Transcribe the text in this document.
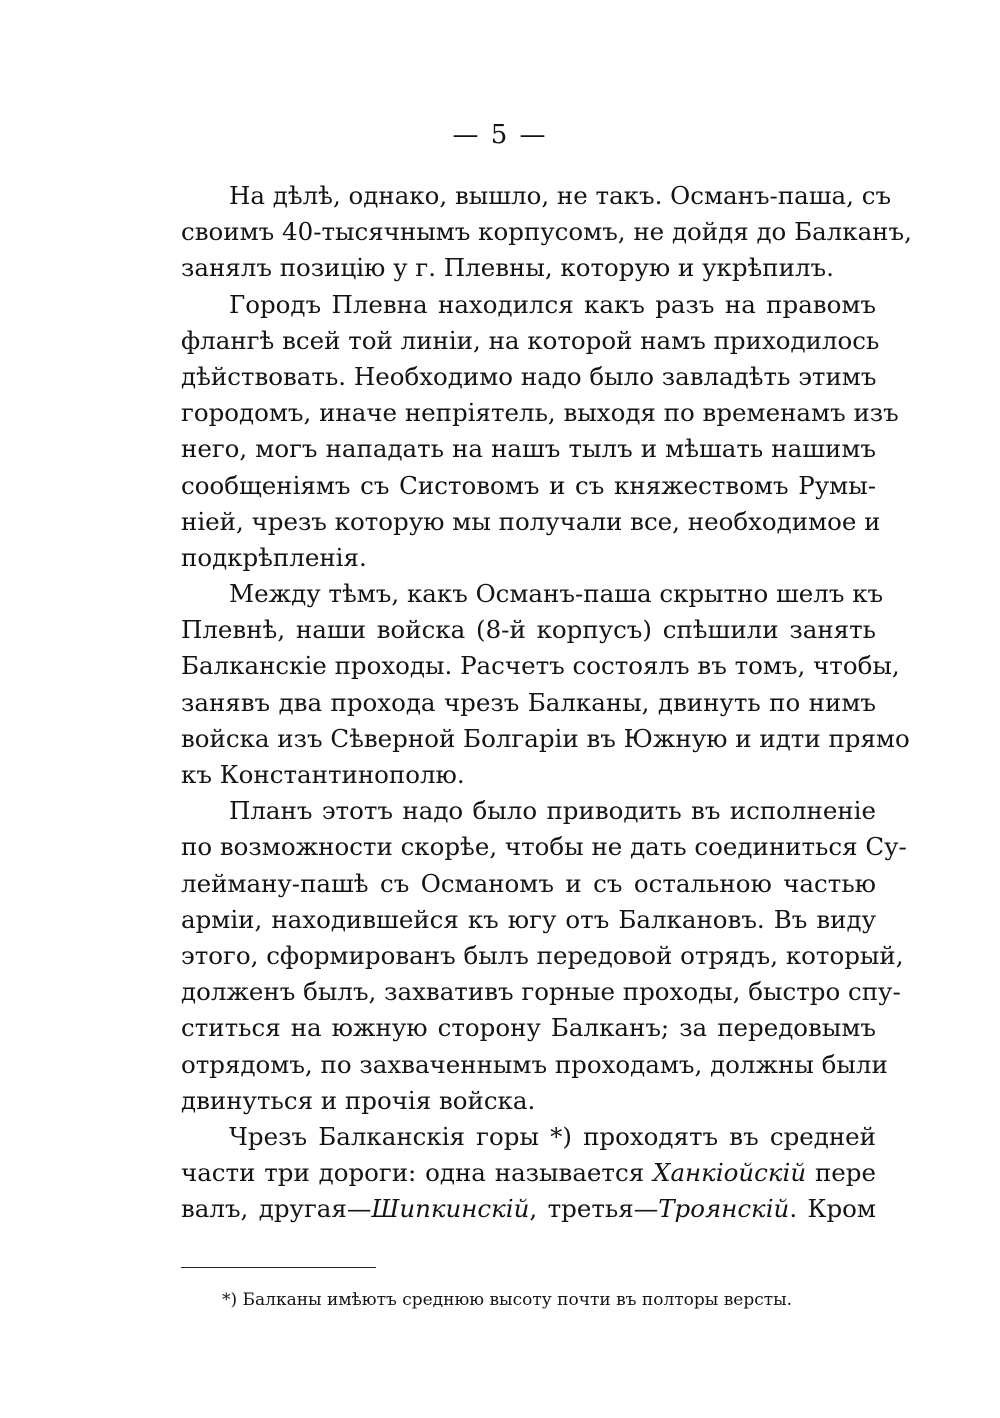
— 5 —
На дѣлѣ, однако, вышло, не такъ. Османъ-паша, съ
своимъ 40-тысячнымъ корпусомъ, не дойдя до Балканъ,
занялъ позицію у г. Плевны, которую и укрѣпилъ.
Городъ Плевна находился какъ разъ на правомъ
флангѣ всей той линіи, на которой намъ приходилось
дѣйствовать. Необходимо надо было завладѣть этимъ
городомъ, иначе непріятель, выходя по временамъ изъ
него, могъ нападать на нашъ тылъ и мѣшать нашимъ
сообщеніямъ съ Систовомъ и съ княжествомъ Румы-
ніей, чрезъ которую мы получали все, необходимое и
подкрѣпленія.
Между тѣмъ, какъ Османъ-паша скрытно шелъ къ
Плевнѣ, наши войска (8-й корпусъ) спѣшили занять
Балканскіе проходы. Расчетъ состоялъ въ томъ, чтобы,
занявъ два прохода чрезъ Балканы, двинуть по нимъ
войска изъ Сѣверной Болгаріи въ Южную и идти прямо
къ Константинополю.
Планъ этотъ надо было приводить въ исполненіе
по возможности скорѣе, чтобы не дать соединиться Су-
лейману-пашѣ съ Османомъ и съ остальною частью
арміи, находившейся къ югу отъ Балкановъ. Въ виду
этого, сформированъ былъ передовой отрядъ, который,
долженъ былъ, захвативъ горные проходы, быстро спу-
ститься на южную сторону Балканъ; за передовымъ
отрядомъ, по захваченнымъ проходамъ, должны были
двинуться и прочія войска.
Чрезъ Балканскія горы *) проходятъ въ средней
части три дороги: одна называется Ханкіойскій пере
валъ, другая—Шипкинскій, третья—Троянскій. Кром
*) Балканы имѣютъ среднюю высоту почти въ полторы версты.
